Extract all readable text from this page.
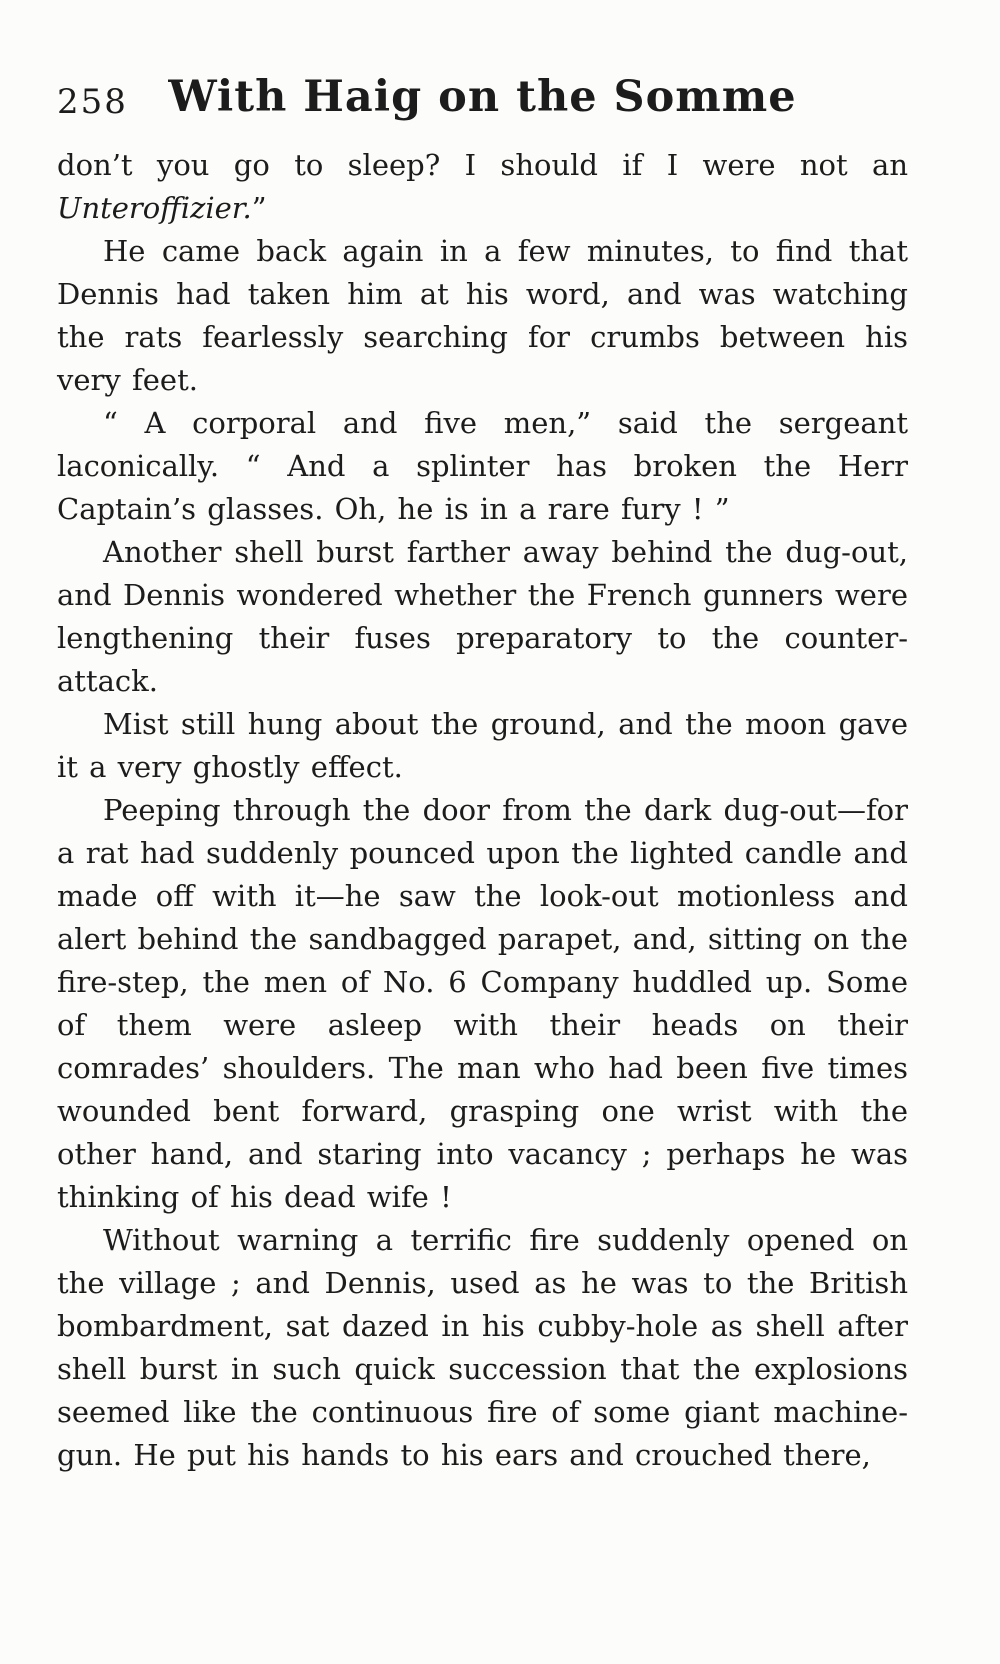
258 With Haig on the Somme

don’t you go to sleep? I should if I were not an Unteroffizier.”

He came back again in a few minutes, to find that Dennis had taken him at his word, and was watching the rats fearlessly searching for crumbs between his very feet.

“ A corporal and five men,” said the sergeant laconically. “ And a splinter has broken the Herr Captain’s glasses. Oh, he is in a rare fury ! ”

Another shell burst farther away behind the dug-out, and Dennis wondered whether the French gunners were lengthening their fuses preparatory to the counter-attack.

Mist still hung about the ground, and the moon gave it a very ghostly effect.

Peeping through the door from the dark dug-out—for a rat had suddenly pounced upon the lighted candle and made off with it—he saw the look-out motionless and alert behind the sandbagged parapet, and, sitting on the fire-step, the men of No. 6 Company huddled up. Some of them were asleep with their heads on their comrades’ shoulders. The man who had been five times wounded bent forward, grasping one wrist with the other hand, and staring into vacancy ; perhaps he was thinking of his dead wife !

Without warning a terrific fire suddenly opened on the village ; and Dennis, used as he was to the British bombardment, sat dazed in his cubby-hole as shell after shell burst in such quick succession that the explosions seemed like the continuous fire of some giant machine-gun. He put his hands to his ears and crouched there,
